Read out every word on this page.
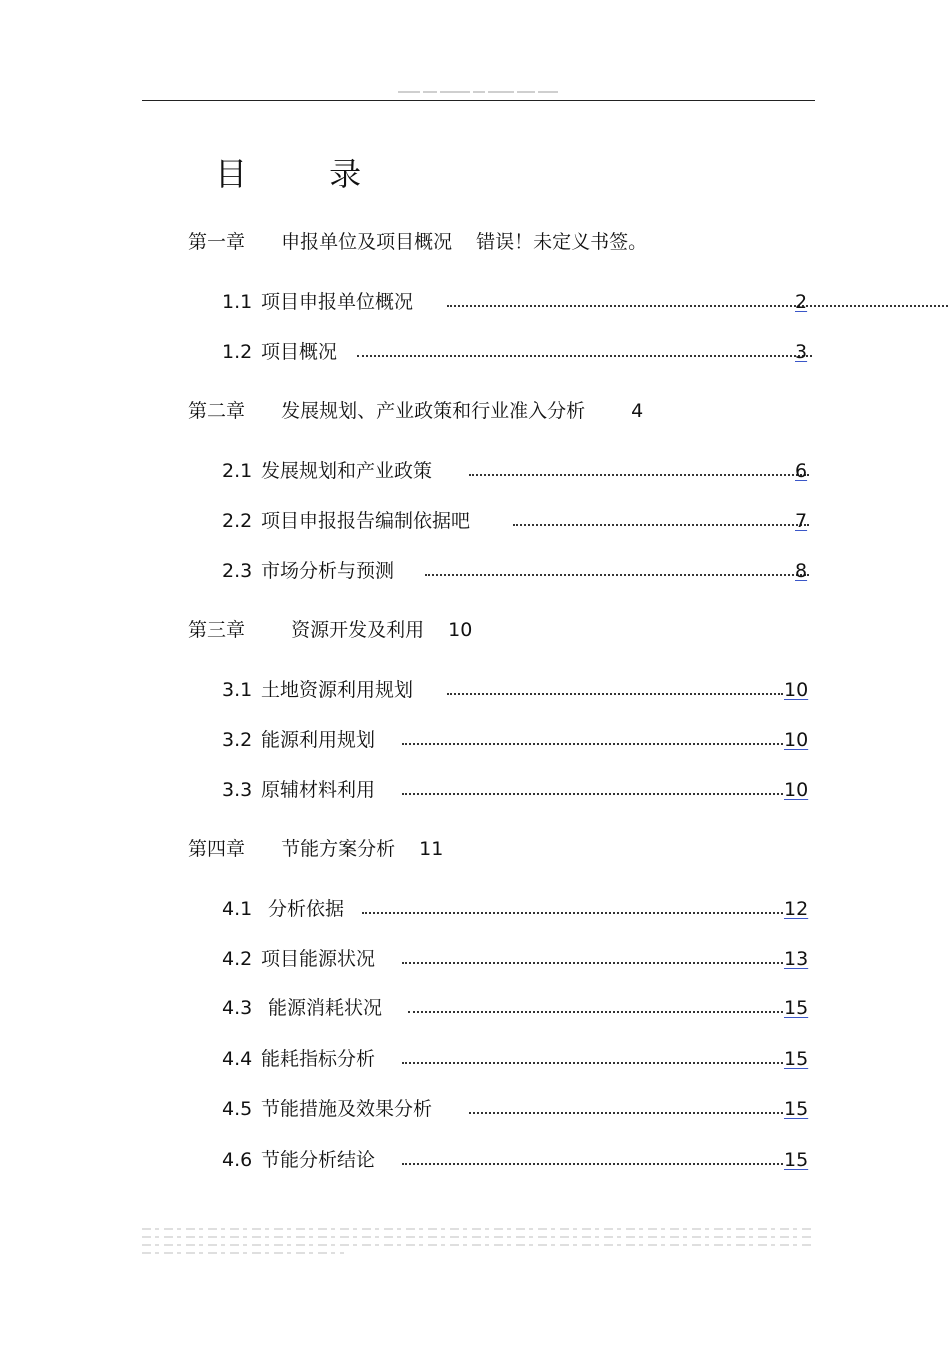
目 录
第一章 申报单位及项目概况 错误！未定义书签。
1.1 项目申报单位概况	2
1.2 项目概况	3
第二章 发展规划、产业政策和行业准入分析 4
2.1 发展规划和产业政策	6
2.2 项目申报报告编制依据吧	7
2.3 市场分析与预测	8
第三章 资源开发及利用 10
3.1 土地资源利用规划	10
3.2 能源利用规划	10
3.3 原辅材料利用	10
第四章 节能方案分析 11
4.1 分析依据	12
4.2 项目能源状况	13
4.3 能源消耗状况	15
4.4 能耗指标分析	15
4.5 节能措施及效果分析	15
4.6 节能分析结论	15
